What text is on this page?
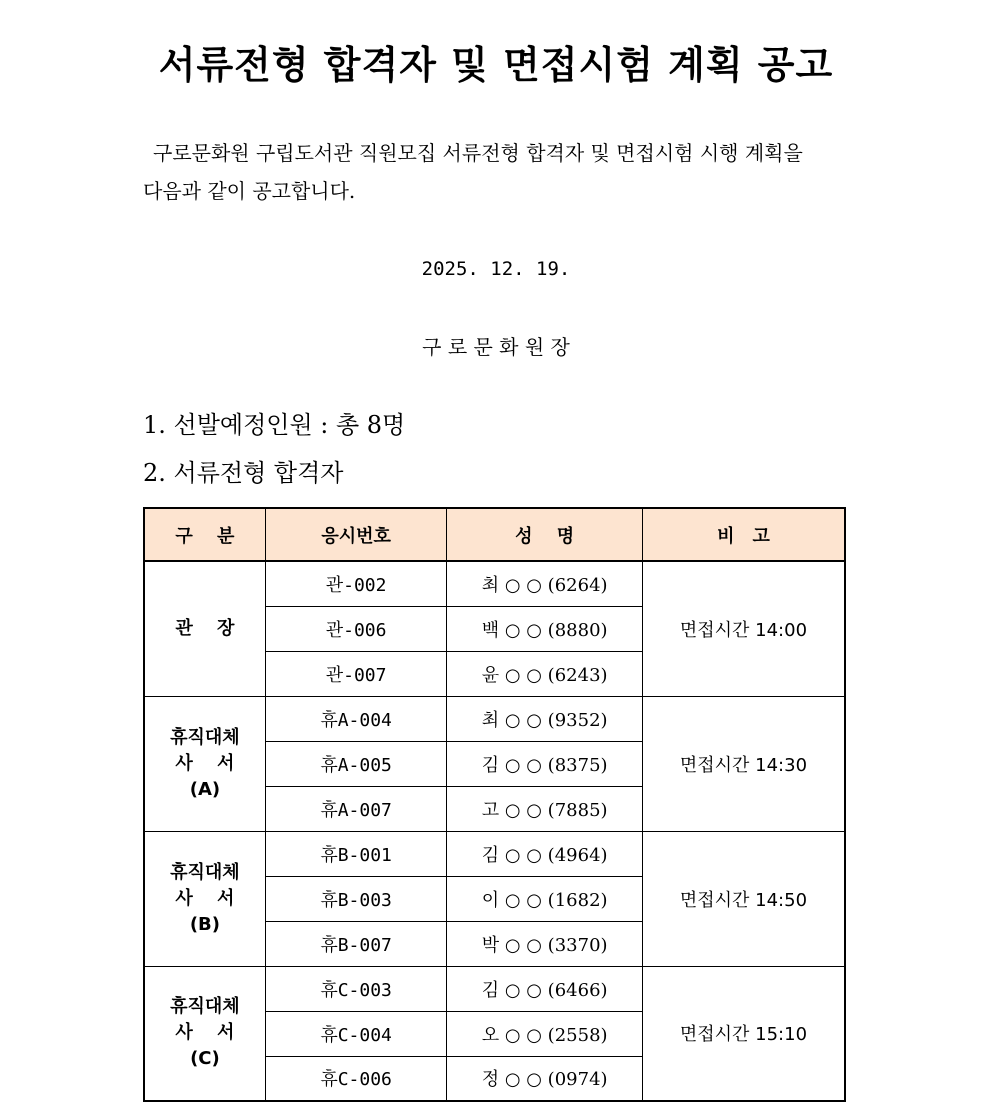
서류전형 합격자 및 면접시험 계획 공고

구로문화원 구립도서관 직원모집 서류전형 합격자 및 면접시험 시행 계획을

다음과 같이 공고합니다.

2025. 12. 19.
구 로 문 화 원 장
1. 선발예정인원 : 총 8명
2. 서류전형 합격자
구　 분	응시번호	성　 명	비　고

관　 장	관-002	최 ○ ○ (6264)	면접시간 14:00
	관-006	백 ○ ○ (8880)	
	관-007	윤 ○ ○ (6243)	

휴직대체
사　 서
(A)	휴A-004	최 ○ ○ (9352)	면접시간 14:30
	휴A-005	김 ○ ○ (8375)	
	휴A-007	고 ○ ○ (7885)	

휴직대체
사　 서
(B)	휴B-001	김 ○ ○ (4964)	면접시간 14:50
	휴B-003	이 ○ ○ (1682)	
	휴B-007	박 ○ ○ (3370)	

휴직대체
사　 서
(C)	휴C-003	김 ○ ○ (6466)	면접시간 15:10
	휴C-004	오 ○ ○ (2558)	
	휴C-006	정 ○ ○ (0974)	
